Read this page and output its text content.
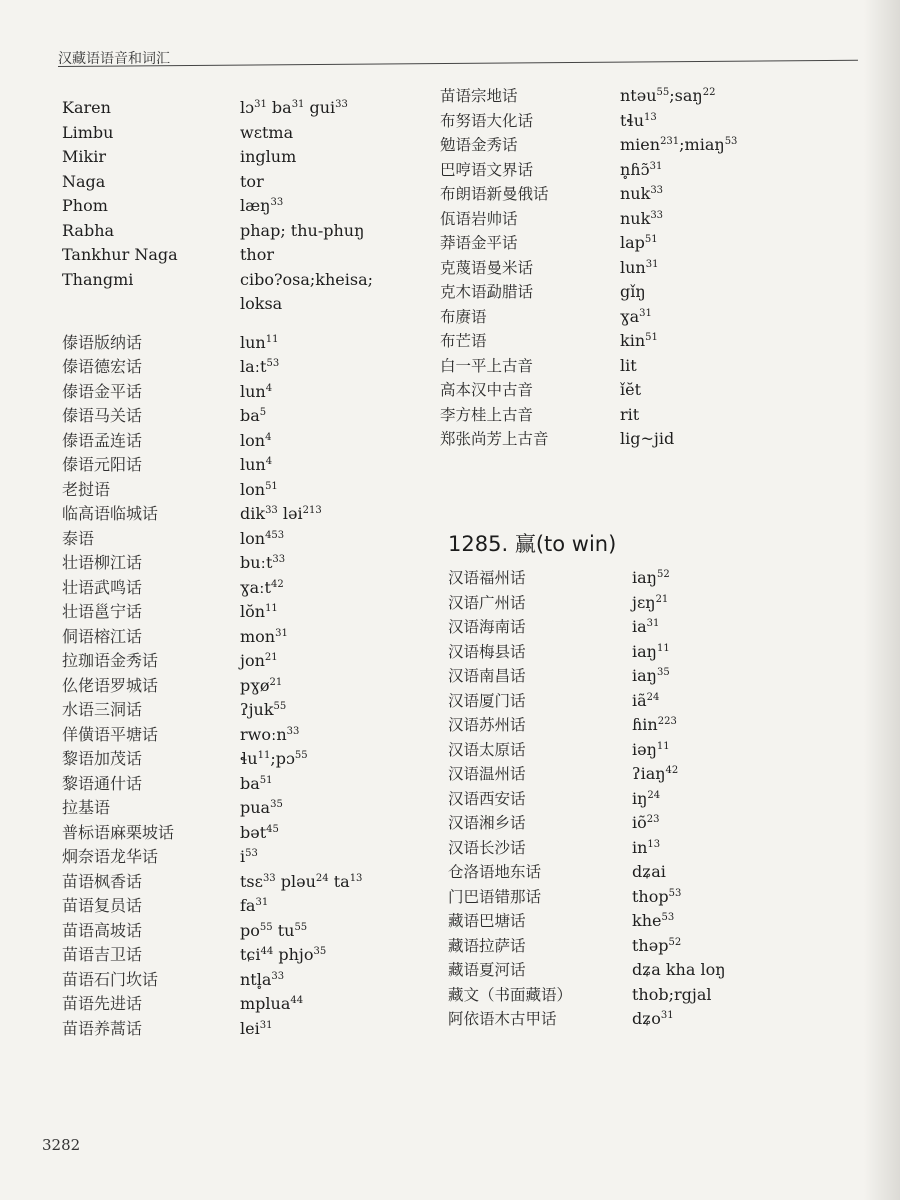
汉藏语语音和词汇
Karen	lɔ$^{31}$ $ba^{31}$ gui$^{33}$
Limbu	wɛtma
Mikir	inglum
Naga	tor
Phom	læŋ$^{33}$
Rabha	phap; thu-phuŋ
Tankhur Naga	thor
Thangmi	cibo?osa;kheisa;
loksa
傣语版纳话	lun$^{11}$
傣语德宏话	laːt$^{53}$
傣语金平话	lun$^4$
傣语马关话	$ba^5$
傣语孟连话	lon$^4$
傣语元阳话	lun$^4$
老挝语	lon$^{51}$
临高语临城话	dik$^{33}$ ləi$^{213}$
泰语	lon$^{453}$
壮语柳江话	buːt$^{33}$
壮语武鸣话	ɣaːt$^{42}$
壮语邕宁话	lŏn$^{11}$
侗语榕江话	mon$^{31}$
拉珈语金秀话	jon$^{21}$
仫佬语罗城话	pɣø$^{21}$
水语三洞话	ʔjuk$^{55}$
佯僙语平塘话	rwoːn$^{33}$
黎语加茂话	ɬu$^{11}$;pɔ$^{55}$
黎语通什话	$ba^{51}$
拉基语	pua$^{35}$
普标语麻栗坡话	bət$^{45}$
炯奈语龙华话	$i^{53}$
苗语枫香话	tsɛ$^{33}$ pləu$^{24}$ $ta^{13}$
苗语复员话	$fa^{31}$
苗语高坡话	$po^{55}$ $tu^{55}$
苗语吉卫话	tɕi$^{44}$ phjo$^{35}$
苗语石门坎话	$ntl̥a^{33}$
苗语先进话	mplua$^{44}$
苗语养蒿话	lei$^{31}$
苗语宗地话	ntəu$^{55}$;saŋ$^{22}$
布努语大化话	tɬu$^{13}$
勉语金秀话	mien$^{231}$;miaŋ$^{53}$
巴哼语文界话	n̥ɦɔ̃$^{31}$
布朗语新曼俄话	nuk$^{33}$
佤语岩帅话	nuk$^{33}$
莽语金平话	lap$^{51}$
克蔑语曼米话	lun$^{31}$
克木语勐腊话	gǐŋ
布赓语	ɣa$^{31}$
布芒语	kin$^{51}$
白一平上古音	lit
高本汉中古音	ǐĕt
李方桂上古音	rit
郑张尚芳上古音	lig~jid
1285. 赢(to win)
汉语福州话	iaŋ$^{52}$
汉语广州话	jɛŋ$^{21}$
汉语海南话	$ia^{31}$
汉语梅县话	iaŋ$^{11}$
汉语南昌话	iaŋ$^{35}$
汉语厦门话	$iã^{24}$
汉语苏州话	ɦin$^{223}$
汉语太原话	iəŋ$^{11}$
汉语温州话	ʔiaŋ$^{42}$
汉语西安话	$iŋ^{24}$
汉语湘乡话	$iõ^{23}$
汉语长沙话	$in^{13}$
仓洛语地东话	dʑai
门巴语错那话	thop$^{53}$
藏语巴塘话	khe$^{53}$
藏语拉萨话	thəp$^{52}$
藏语夏河话	dʑa kha loŋ
藏文（书面藏语）	thob;rgjal
阿依语木古甲话	dʑo$^{31}$
3282
